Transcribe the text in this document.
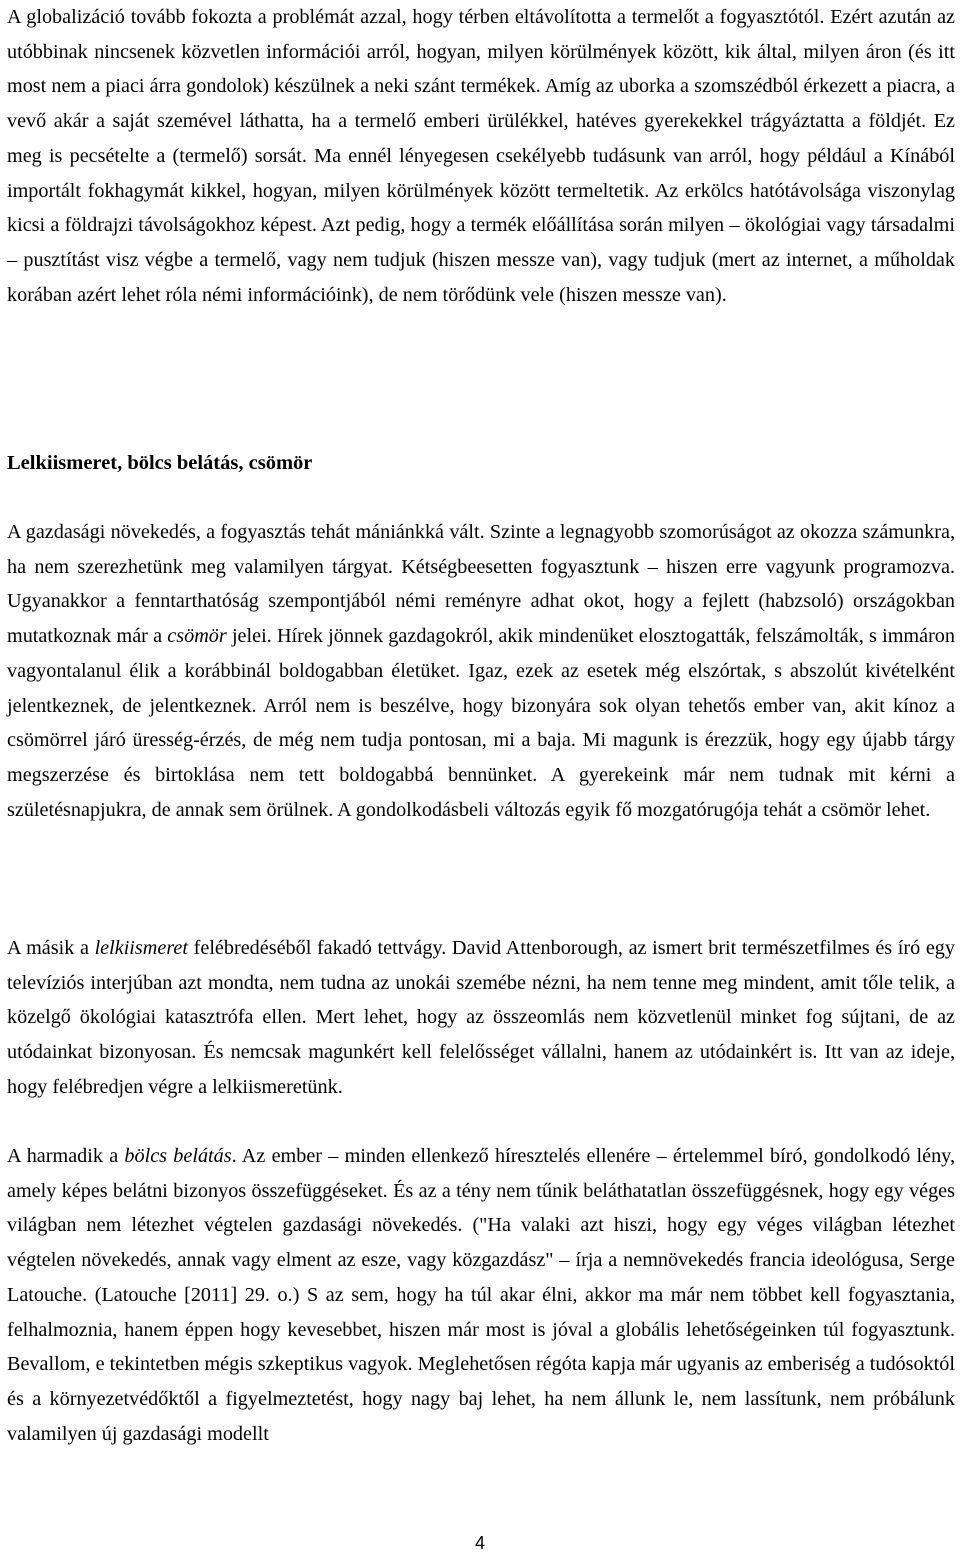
A globalizáció tovább fokozta a problémát azzal, hogy térben eltávolította a termelőt a fogyasztótól. Ezért azután az utóbbinak nincsenek közvetlen információi arról, hogyan, milyen körülmények között, kik által, milyen áron (és itt most nem a piaci árra gondolok) készülnek a neki szánt termékek. Amíg az uborka a szomszédból érkezett a piacra, a vevő akár a saját szemével láthatta, ha a termelő emberi ürülékkel, hatéves gyerekekkel trágyáztatta a földjét. Ez meg is pecsételte a (termelő) sorsát. Ma ennél lényegesen csekélyebb tudásunk van arról, hogy például a Kínából importált fokhagymát kikkel, hogyan, milyen körülmények között termeltetik. Az erkölcs hatótávolsága viszonylag kicsi a földrajzi távolságokhoz képest. Azt pedig, hogy a termék előállítása során milyen – ökológiai vagy társadalmi – pusztítást visz végbe a termelő, vagy nem tudjuk (hiszen messze van), vagy tudjuk (mert az internet, a műholdak korában azért lehet róla némi információink), de nem törődünk vele (hiszen messze van).

Lelkiismeret, bölcs belátás, csömör

A gazdasági növekedés, a fogyasztás tehát mániánkká vált. Szinte a legnagyobb szomorúságot az okozza számunkra, ha nem szerezhetünk meg valamilyen tárgyat. Kétségbeesetten fogyasztunk – hiszen erre vagyunk programozva. Ugyanakkor a fenntarthatóság szempontjából némi reményre adhat okot, hogy a fejlett (habzsoló) országokban mutatkoznak már a csömör jelei. Hírek jönnek gazdagokról, akik mindenüket elosztogatták, felszámolták, s immáron vagyontalanul élik a korábbinál boldogabban életüket. Igaz, ezek az esetek még elszórtak, s abszolút kivételként jelentkeznek, de jelentkeznek. Arról nem is beszélve, hogy bizonyára sok olyan tehetős ember van, akit kínoz a csömörrel járó üresség-érzés, de még nem tudja pontosan, mi a baja. Mi magunk is érezzük, hogy egy újabb tárgy megszerzése és birtoklása nem tett boldogabbá bennünket. A gyerekeink már nem tudnak mit kérni a születésnapjukra, de annak sem örülnek. A gondolkodásbeli változás egyik fő mozgatórugója tehát a csömör lehet.

A másik a lelkiismeret felébredéséből fakadó tettvágy. David Attenborough, az ismert brit természetfilmes és író egy televíziós interjúban azt mondta, nem tudna az unokái szemébe nézni, ha nem tenne meg mindent, amit tőle telik, a közelgő ökológiai katasztrófa ellen. Mert lehet, hogy az összeomlás nem közvetlenül minket fog sújtani, de az utódainkat bizonyosan. És nemcsak magunkért kell felelősséget vállalni, hanem az utódainkért is. Itt van az ideje, hogy felébredjen végre a lelkiismeretünk.

A harmadik a bölcs belátás. Az ember – minden ellenkező híresztelés ellenére – értelemmel bíró, gondolkodó lény, amely képes belátni bizonyos összefüggéseket. És az a tény nem tűnik beláthatatlan összefüggésnek, hogy egy véges világban nem létezhet végtelen gazdasági növekedés. ("Ha valaki azt hiszi, hogy egy véges világban létezhet végtelen növekedés, annak vagy elment az esze, vagy közgazdász" – írja a nemnövekedés francia ideológusa, Serge Latouche. (Latouche [2011] 29. o.) S az sem, hogy ha túl akar élni, akkor ma már nem többet kell fogyasztania, felhalmoznia, hanem éppen hogy kevesebbet, hiszen már most is jóval a globális lehetőségeinken túl fogyasztunk. Bevallom, e tekintetben mégis szkeptikus vagyok. Meglehetősen régóta kapja már ugyanis az emberiség a tudósoktól és a környezetvédőktől a figyelmeztetést, hogy nagy baj lehet, ha nem állunk le, nem lassítunk, nem próbálunk valamilyen új gazdasági modellt

4
